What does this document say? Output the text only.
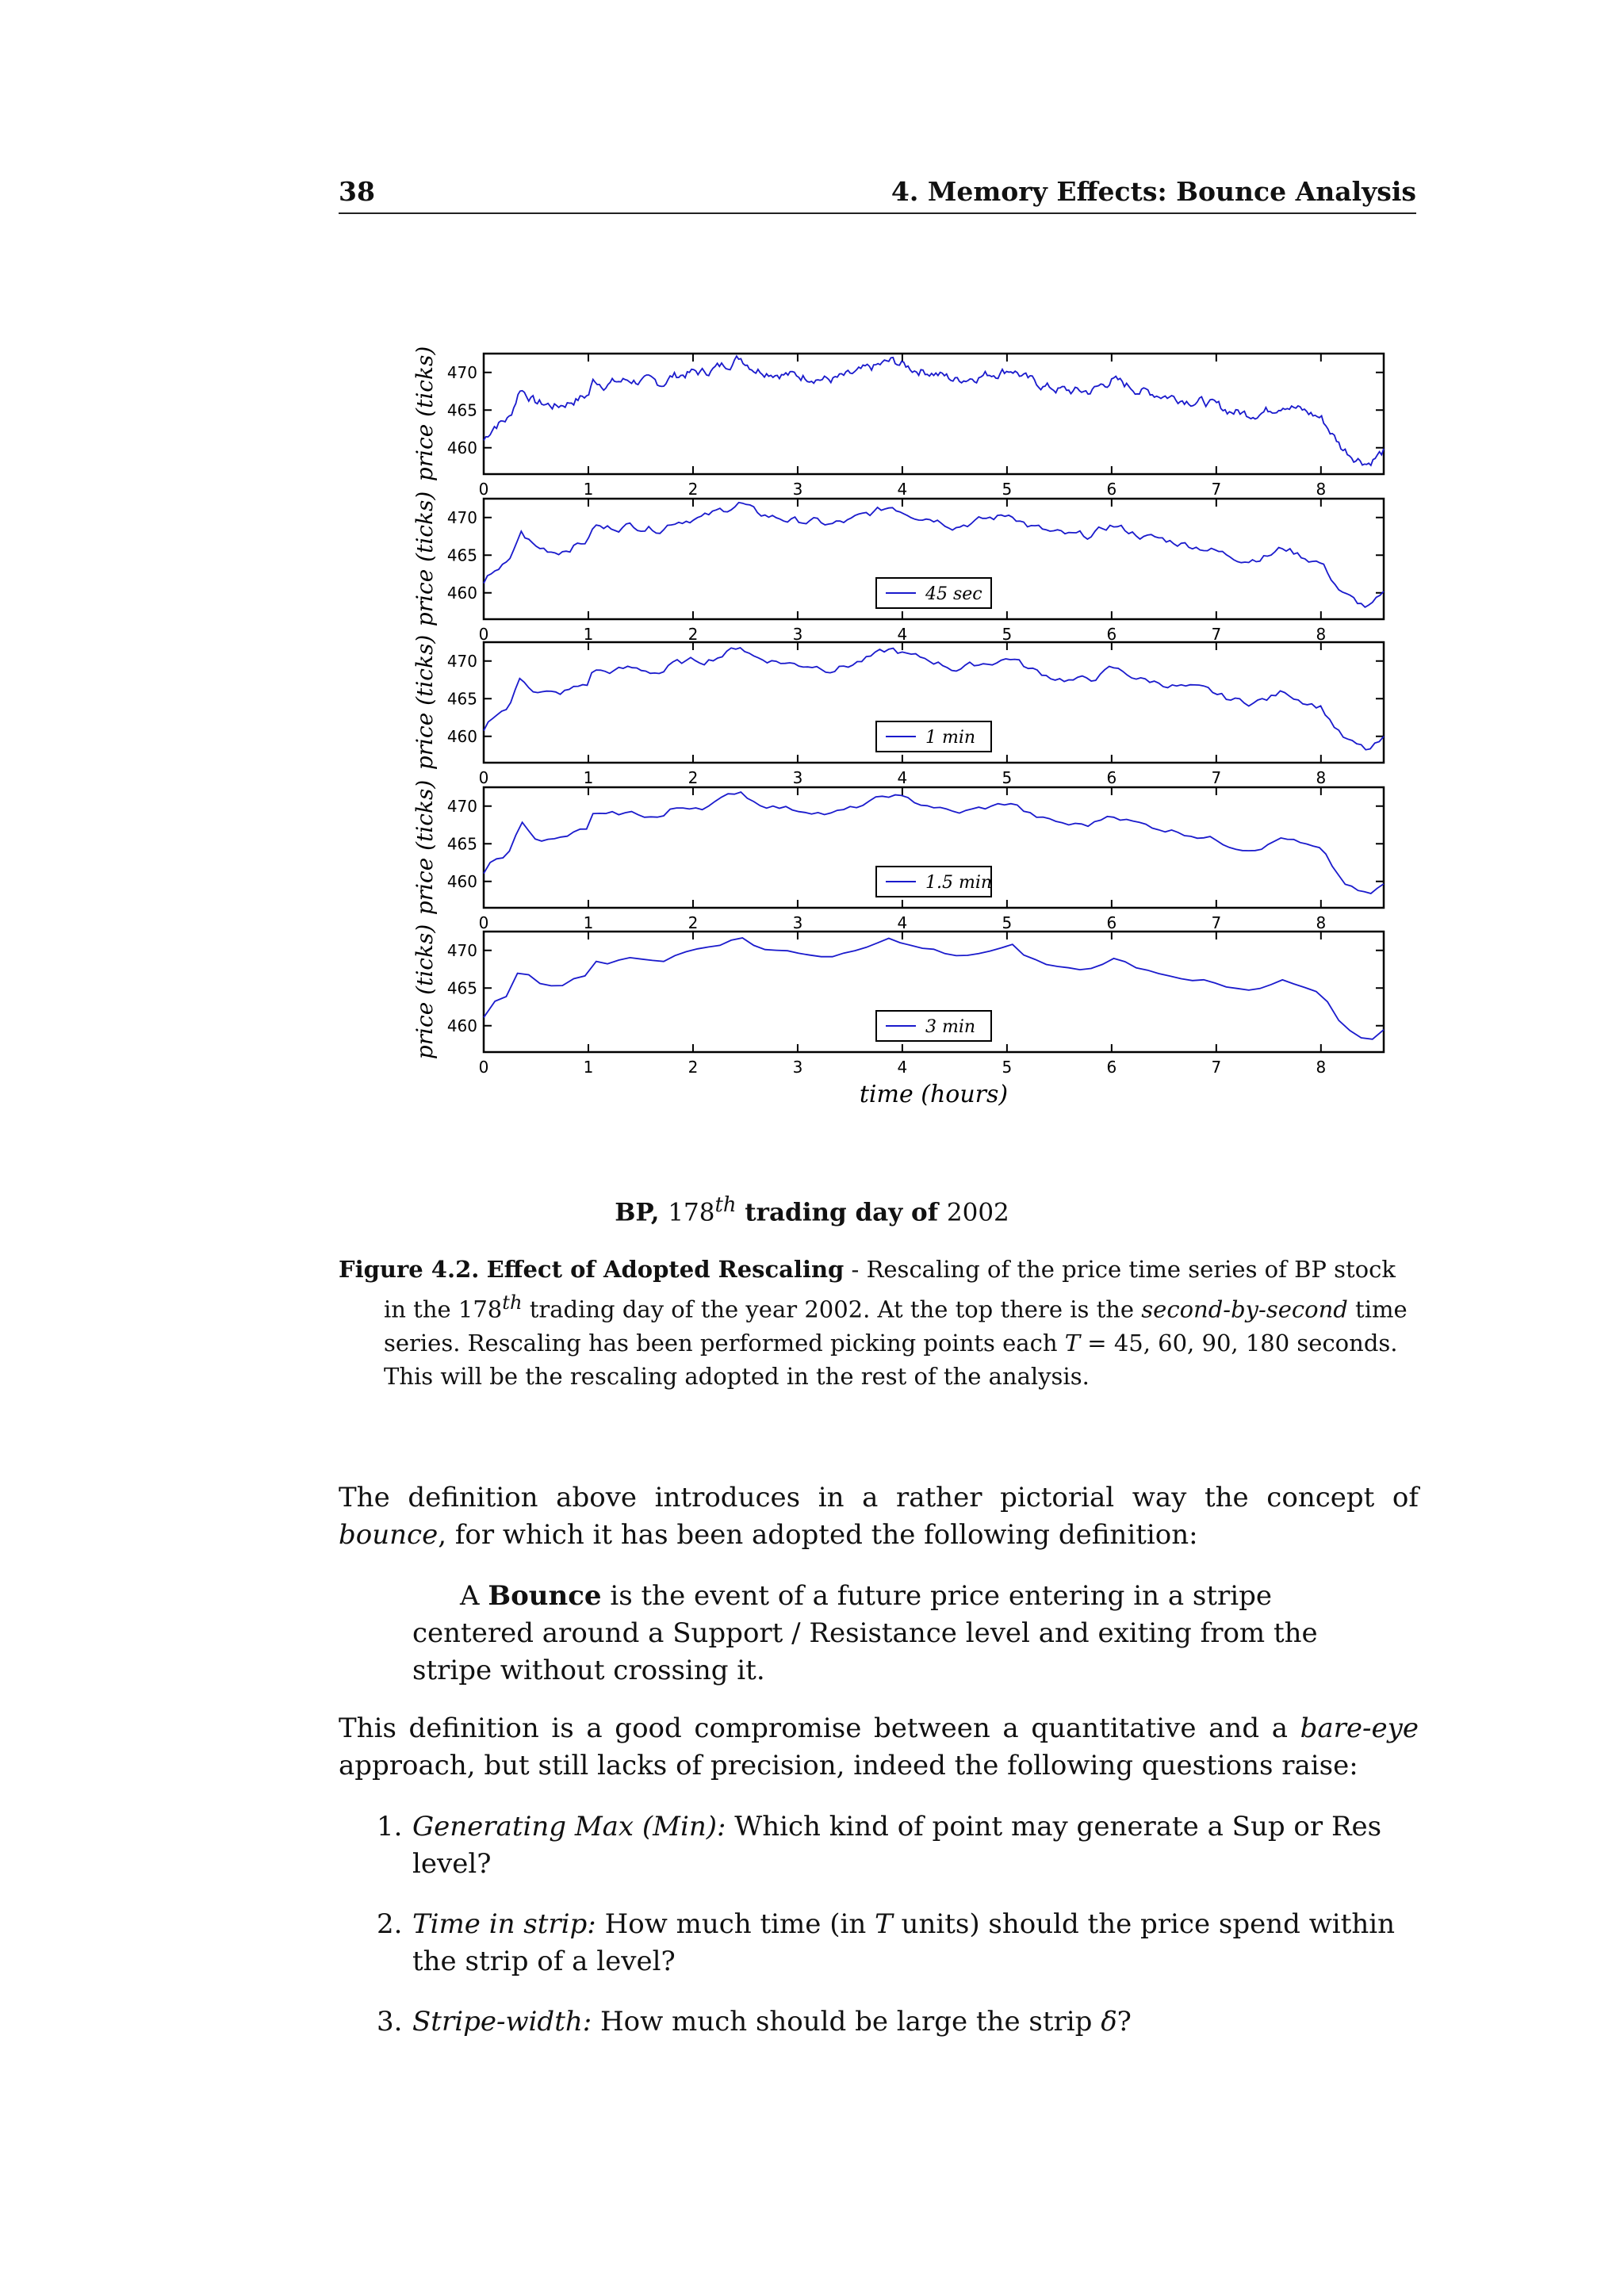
38	4. Memory Effects: Bounce Analysis
460
465
470
0	1	2	3	4	5	6	7	8
price (ticks)
460
465
470
0	1	2	3	4	5	6	7	8
price (ticks)	45 sec
460
465
470
0	1	2	3	4	5	6	7	8
price (ticks)	1 min
460
465
470
0	1	2	3	4	5	6	7	8
price (ticks)	1.5 min
460
465
470
0	1	2	3	4	5	6	7	8
price (ticks)	3 min
time (hours)
BP, 178th trading day of 2002

Figure 4.2. Effect of Adopted Rescaling - Rescaling of the price time series of BP stock in the 178th trading day of the year 2002. At the top there is the second-by-second time series. Rescaling has been performed picking points each T = 45, 60, 90, 180 seconds. This will be the rescaling adopted in the rest of the analysis.

The definition above introduces in a rather pictorial way the concept of bounce, for which it has been adopted the following definition:

A Bounce is the event of a future price entering in a stripe centered around a Support / Resistance level and exiting from the stripe without crossing it.

This definition is a good compromise between a quantitative and a bare-eye approach, but still lacks of precision, indeed the following questions raise:

1. Generating Max (Min): Which kind of point may generate a Sup or Res level?
2. Time in strip: How much time (in T units) should the price spend within the strip of a level?
3. Stripe-width: How much should be large the strip δ?
